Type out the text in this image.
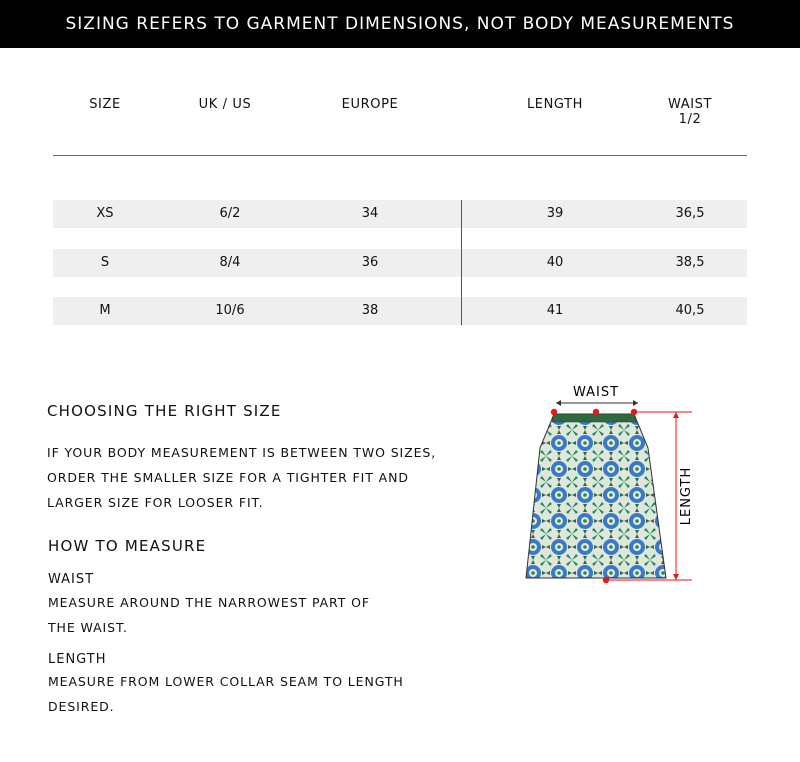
SIZING REFERS TO GARMENT DIMENSIONS, NOT BODY MEASUREMENTS
SIZE	UK / US	EUROPE	LENGTH	WAIST
1/2
XS	6/2	34	39	36,5
S	8/4	36	40	38,5
M	10/6	38	41	40,5
CHOOSING THE RIGHT SIZE
IF YOUR BODY MEASUREMENT IS BETWEEN TWO SIZES,
ORDER THE SMALLER SIZE FOR A TIGHTER FIT AND
LARGER SIZE FOR LOOSER FIT.
HOW TO MEASURE
WAIST
MEASURE AROUND THE NARROWEST PART OF
THE WAIST.
LENGTH
MEASURE FROM LOWER COLLAR SEAM TO LENGTH
DESIRED.
WAIST
LENGTH
